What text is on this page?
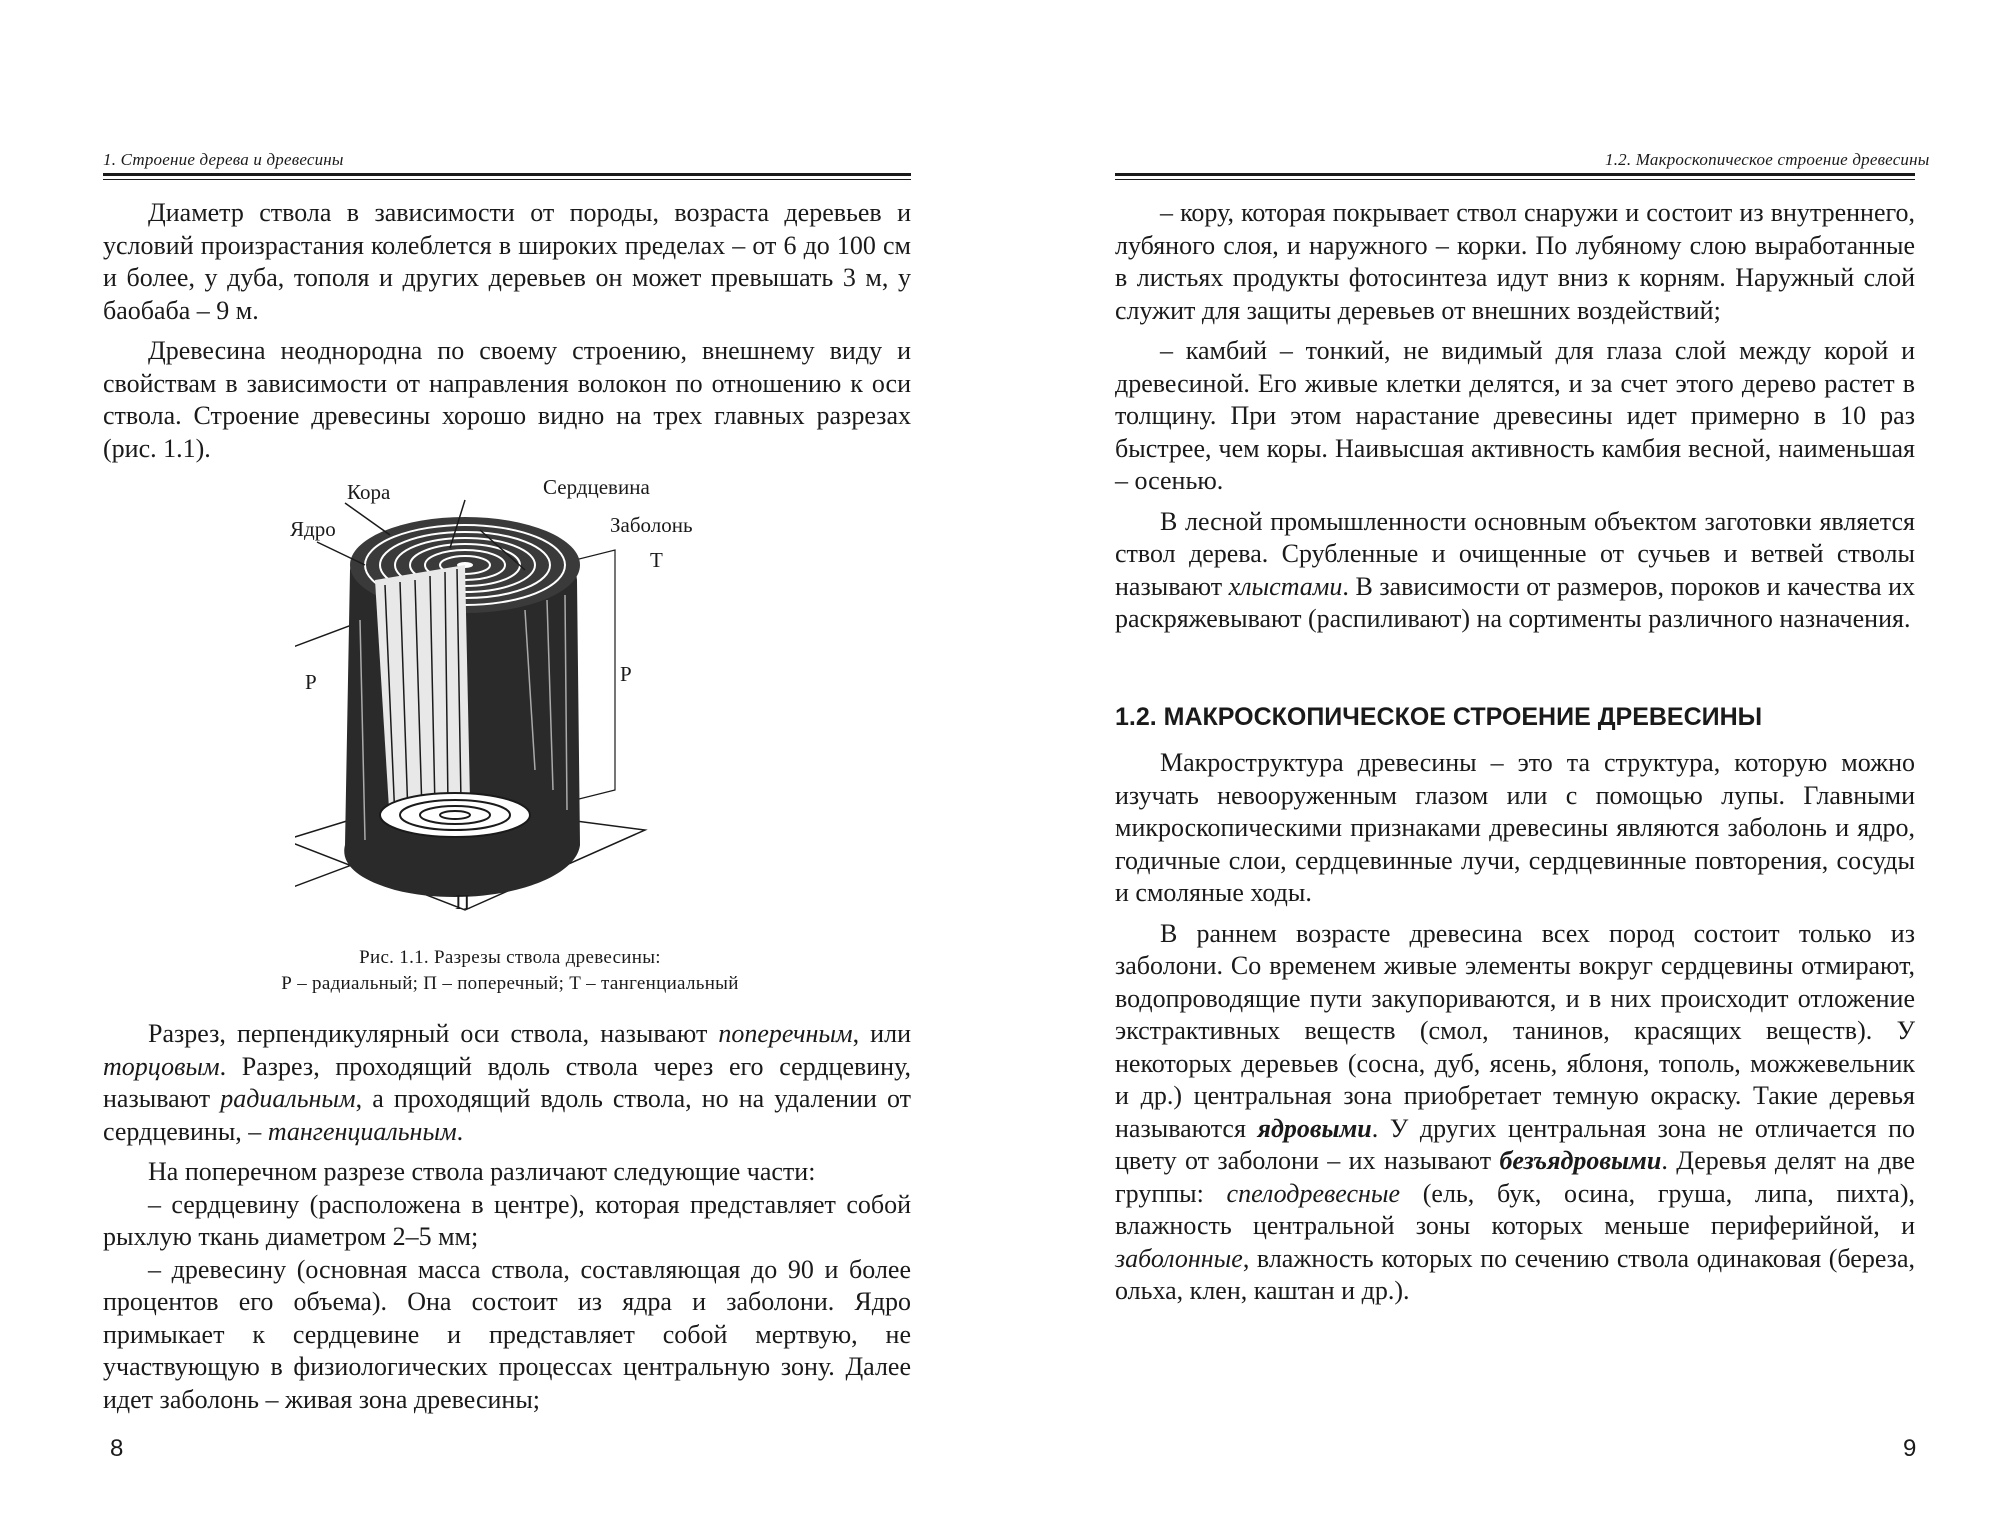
1. Строение дерева и древесины

Диаметр ствола в зависимости от породы, возраста деревьев и условий произрастания колеблется в широких пределах – от 6 до 100 см и более, у дуба, тополя и других деревьев он может превышать 3 м, у баобаба – 9 м.

Древесина неоднородна по своему строению, внешнему виду и свойствам в зависимости от направления волокон по отношению к оси ствола. Строение древесины хорошо видно на трех главных разрезах (рис. 1.1).

Кора	Сердцевина
Ядро	Заболонь
Т
Р	Р
П
Рис. 1.1. Разрезы ствола древесины:
Р – радиальный; П – поперечный; Т – тангенциальный

Разрез, перпендикулярный оси ствола, называют поперечным, или торцовым. Разрез, проходящий вдоль ствола через его сердцевину, называют радиальным, а проходящий вдоль ствола, но на удалении от сердцевины, – тангенциальным.

На поперечном разрезе ствола различают следующие части:

– сердцевину (расположена в центре), которая представляет собой рыхлую ткань диаметром 2–5 мм;

– древесину (основная масса ствола, составляющая до 90 и более процентов его объема). Она состоит из ядра и заболони. Ядро примыкает к сердцевине и представляет собой мертвую, не участвующую в физиологических процессах центральную зону. Далее идет заболонь – живая зона древесины;

8
1.2. Макроскопическое строение древесины

– кору, которая покрывает ствол снаружи и состоит из внутреннего, лубяного слоя, и наружного – корки. По лубяному слою выработанные в листьях продукты фотосинтеза идут вниз к корням. Наружный слой служит для защиты деревьев от внешних воздействий;

– камбий – тонкий, не видимый для глаза слой между корой и древесиной. Его живые клетки делятся, и за счет этого дерево растет в толщину. При этом нарастание древесины идет примерно в 10 раз быстрее, чем коры. Наивысшая активность камбия весной, наименьшая – осенью.

В лесной промышленности основным объектом заготовки является ствол дерева. Срубленные и очищенные от сучьев и ветвей стволы называют хлыстами. В зависимости от размеров, пороков и качества их раскряжевывают (распиливают) на сортименты различного назначения.

1.2. МАКРОСКОПИЧЕСКОЕ СТРОЕНИЕ ДРЕВЕСИНЫ

Макроструктура древесины – это та структура, которую можно изучать невооруженным глазом или с помощью лупы. Главными микроскопическими признаками древесины являются заболонь и ядро, годичные слои, сердцевинные лучи, сердцевинные повторения, сосуды и смоляные ходы.

В раннем возрасте древесина всех пород состоит только из заболони. Со временем живые элементы вокруг сердцевины отмирают, водопроводящие пути закупориваются, и в них происходит отложение экстрактивных веществ (смол, танинов, красящих веществ). У некоторых деревьев (сосна, дуб, ясень, яблоня, тополь, можжевельник и др.) центральная зона приобретает темную окраску. Такие деревья называются ядровыми. У других центральная зона не отличается по цвету от заболони – их называют безъядровыми. Деревья делят на две группы: спелодревесные (ель, бук, осина, груша, липа, пихта), влажность центральной зоны которых меньше периферийной, и заболонные, влажность которых по сечению ствола одинаковая (береза, ольха, клен, каштан и др.).

9
